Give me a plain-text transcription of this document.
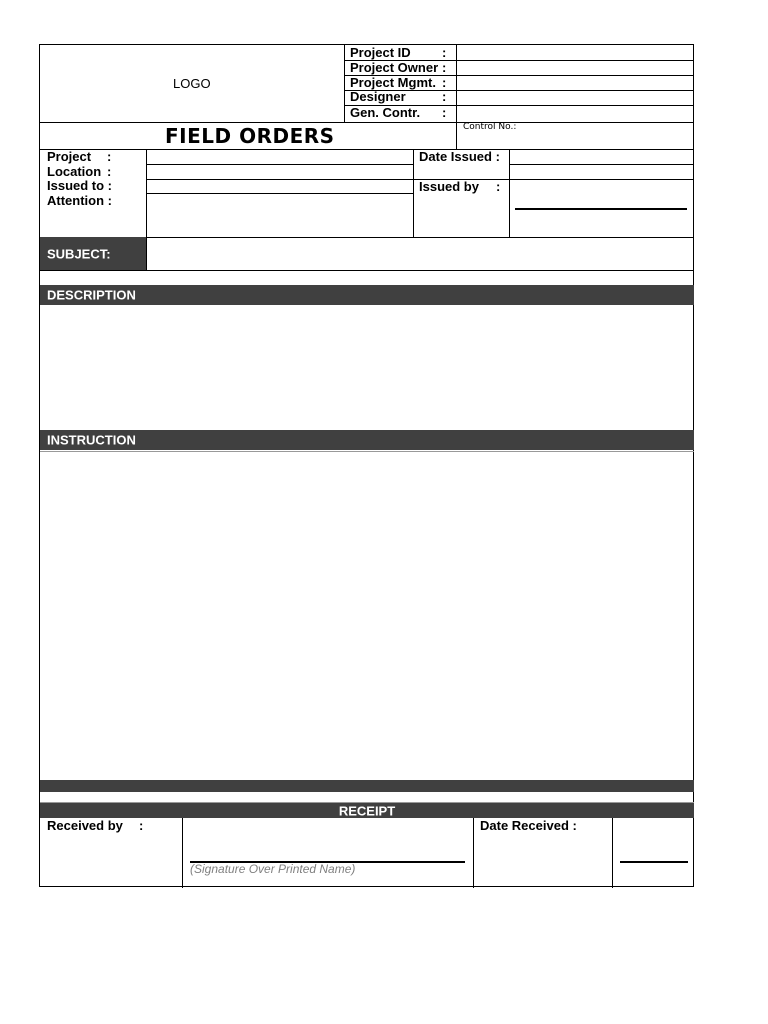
LOGO
Project ID :
Project Owner :
Project Mgmt. :
Designer	:
Gen. Contr. :
FIELD ORDERS	Control No.:
Project :
Location :
Issued to :
Attention :
Date Issued :
Issued by :
SUBJECT:
DESCRIPTION
INSTRUCTION
RECEIPT
Received by :
(Signature Over Printed Name)
Date Received :
